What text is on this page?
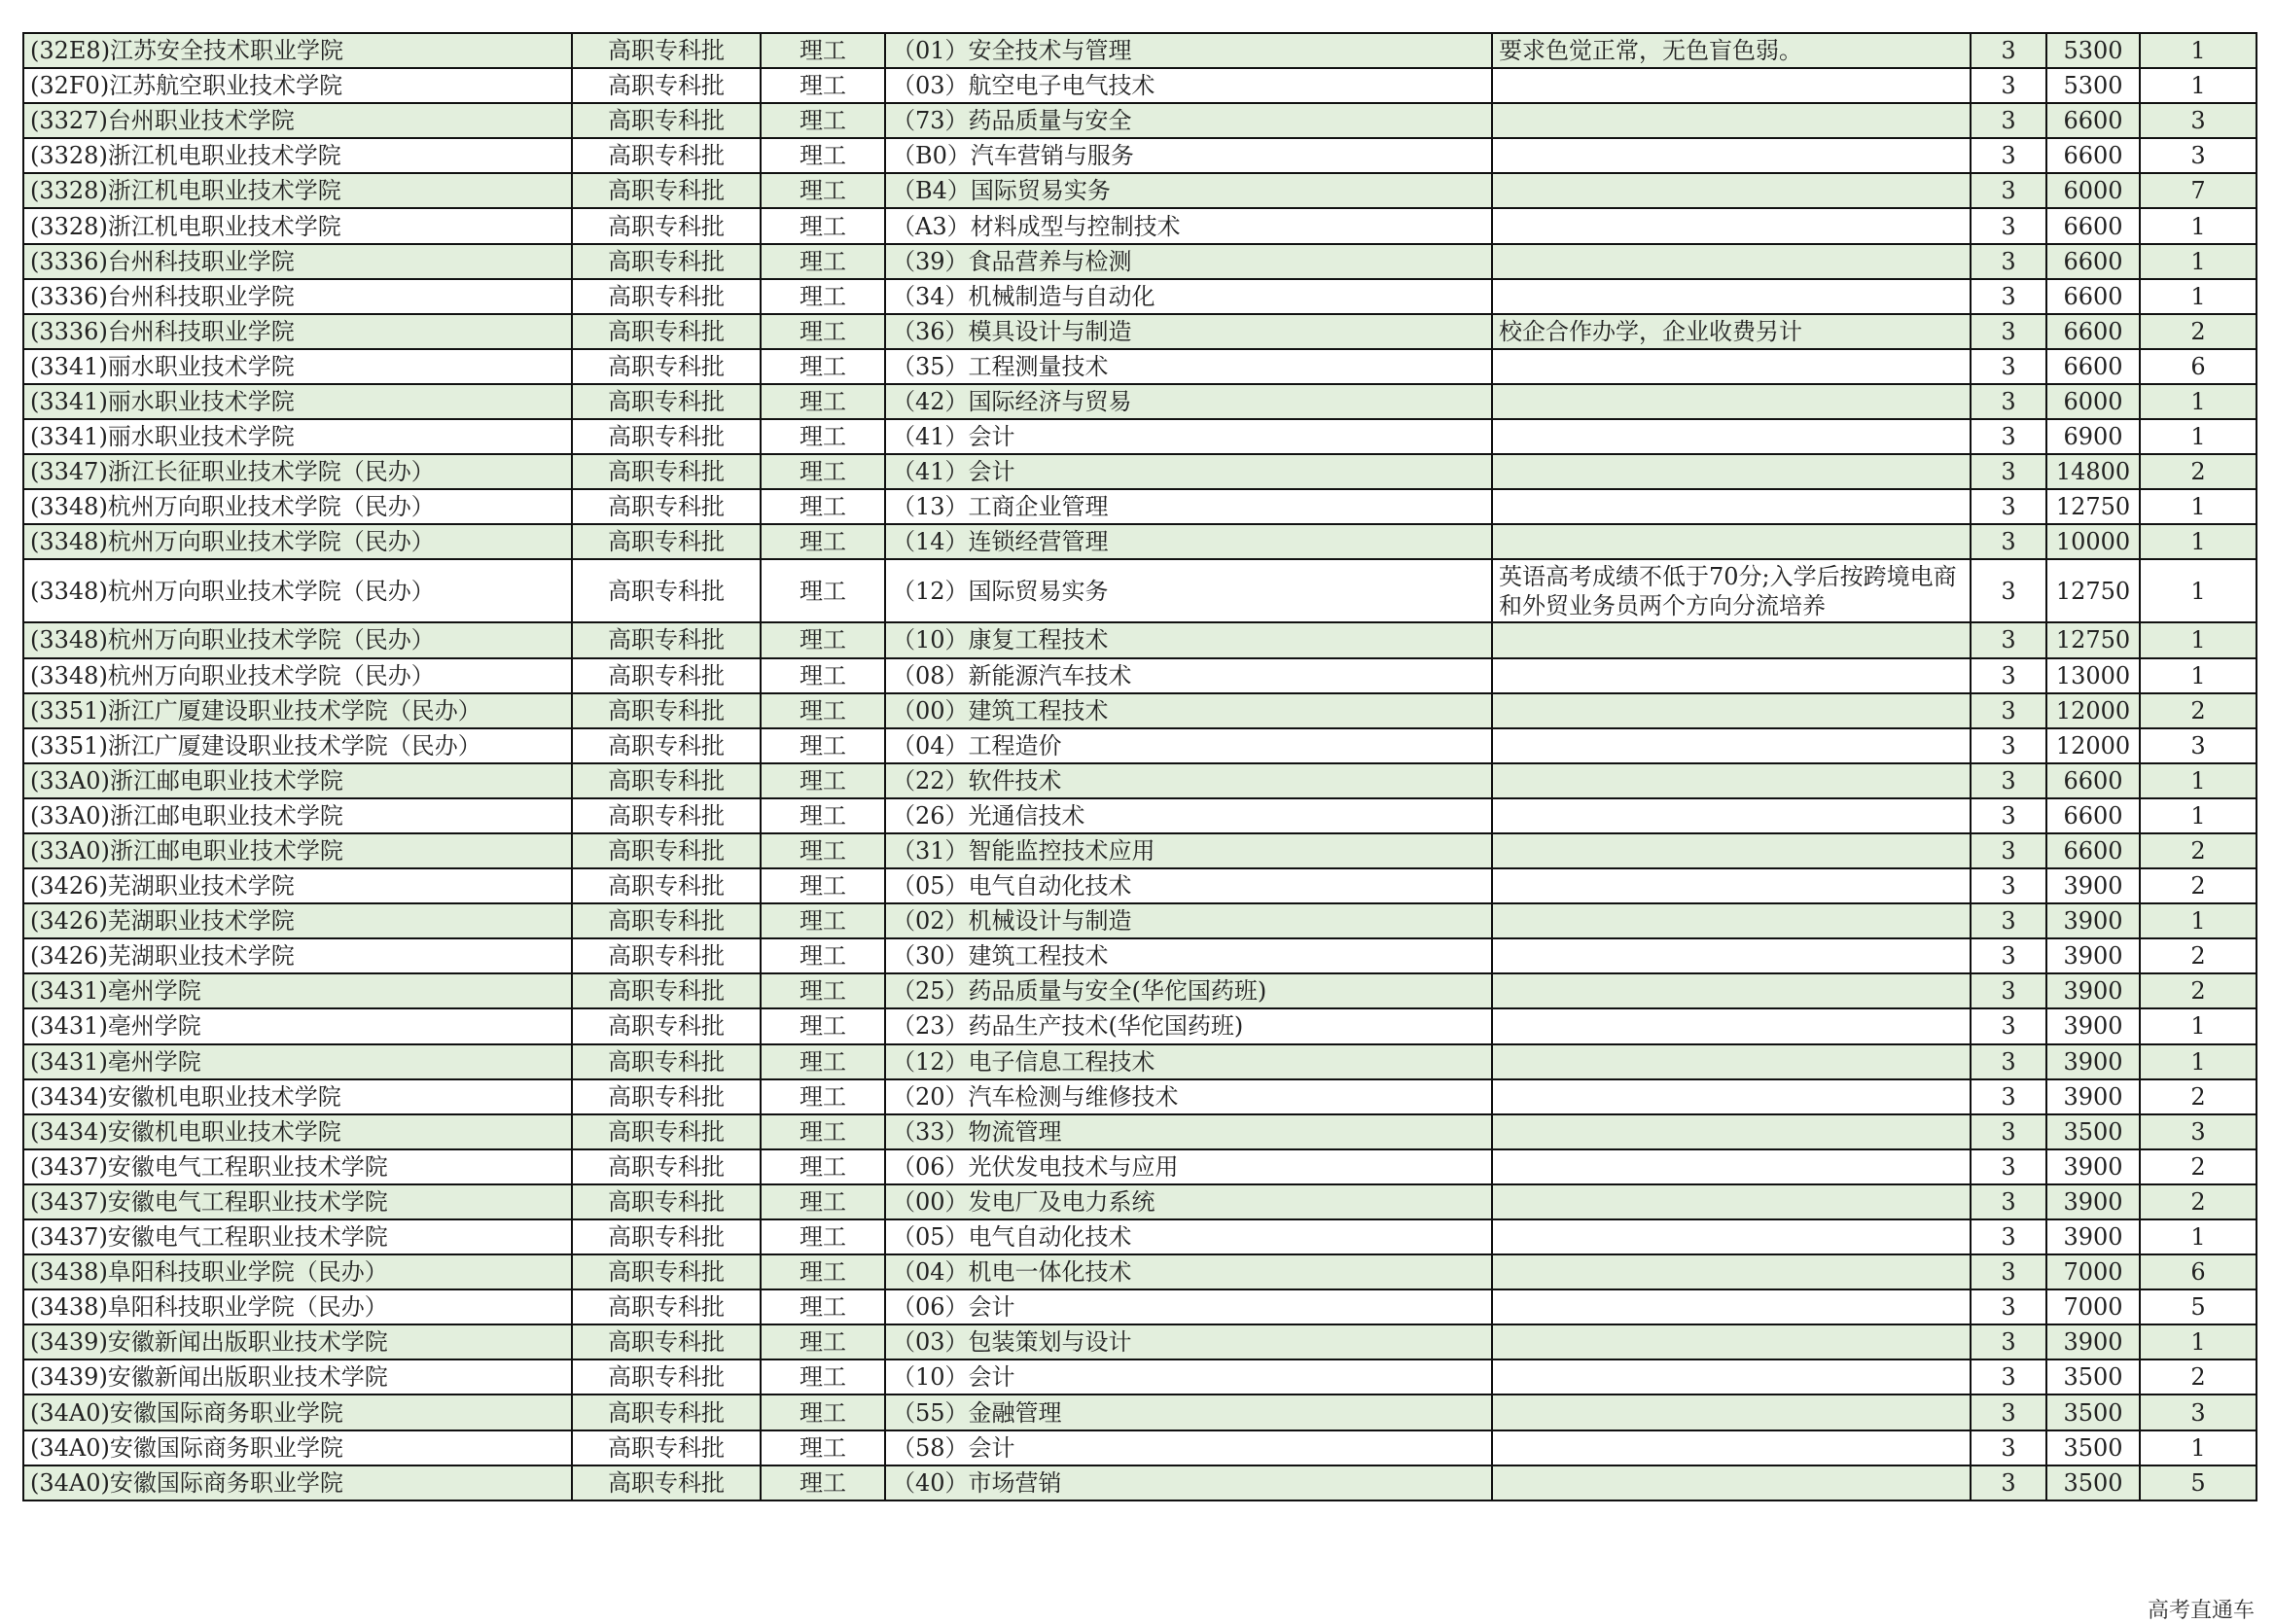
(32E8)江苏安全技术职业学院	高职专科批	理工	（01）安全技术与管理	要求色觉正常，无色盲色弱。	3	5300	1
(32F0)江苏航空职业技术学院	高职专科批	理工	（03）航空电子电气技术		3	5300	1
(3327)台州职业技术学院	高职专科批	理工	（73）药品质量与安全		3	6600	3
(3328)浙江机电职业技术学院	高职专科批	理工	（B0）汽车营销与服务		3	6600	3
(3328)浙江机电职业技术学院	高职专科批	理工	（B4）国际贸易实务		3	6000	7
(3328)浙江机电职业技术学院	高职专科批	理工	（A3）材料成型与控制技术		3	6600	1
(3336)台州科技职业学院	高职专科批	理工	（39）食品营养与检测		3	6600	1
(3336)台州科技职业学院	高职专科批	理工	（34）机械制造与自动化		3	6600	1
(3336)台州科技职业学院	高职专科批	理工	（36）模具设计与制造	校企合作办学，企业收费另计	3	6600	2
(3341)丽水职业技术学院	高职专科批	理工	（35）工程测量技术		3	6600	6
(3341)丽水职业技术学院	高职专科批	理工	（42）国际经济与贸易		3	6000	1
(3341)丽水职业技术学院	高职专科批	理工	（41）会计		3	6900	1
(3347)浙江长征职业技术学院（民办）	高职专科批	理工	（41）会计		3	14800	2
(3348)杭州万向职业技术学院（民办）	高职专科批	理工	（13）工商企业管理		3	12750	1
(3348)杭州万向职业技术学院（民办）	高职专科批	理工	（14）连锁经营管理		3	10000	1
(3348)杭州万向职业技术学院（民办）	高职专科批	理工	（12）国际贸易实务	英语高考成绩不低于70分;入学后按跨境电商和外贸业务员两个方向分流培养	3	12750	1
(3348)杭州万向职业技术学院（民办）	高职专科批	理工	（10）康复工程技术		3	12750	1
(3348)杭州万向职业技术学院（民办）	高职专科批	理工	（08）新能源汽车技术		3	13000	1
(3351)浙江广厦建设职业技术学院（民办）	高职专科批	理工	（00）建筑工程技术		3	12000	2
(3351)浙江广厦建设职业技术学院（民办）	高职专科批	理工	（04）工程造价		3	12000	3
(33A0)浙江邮电职业技术学院	高职专科批	理工	（22）软件技术		3	6600	1
(33A0)浙江邮电职业技术学院	高职专科批	理工	（26）光通信技术		3	6600	1
(33A0)浙江邮电职业技术学院	高职专科批	理工	（31）智能监控技术应用		3	6600	2
(3426)芜湖职业技术学院	高职专科批	理工	（05）电气自动化技术		3	3900	2
(3426)芜湖职业技术学院	高职专科批	理工	（02）机械设计与制造		3	3900	1
(3426)芜湖职业技术学院	高职专科批	理工	（30）建筑工程技术		3	3900	2
(3431)亳州学院	高职专科批	理工	（25）药品质量与安全(华佗国药班)		3	3900	2
(3431)亳州学院	高职专科批	理工	（23）药品生产技术(华佗国药班)		3	3900	1
(3431)亳州学院	高职专科批	理工	（12）电子信息工程技术		3	3900	1
(3434)安徽机电职业技术学院	高职专科批	理工	（20）汽车检测与维修技术		3	3900	2
(3434)安徽机电职业技术学院	高职专科批	理工	（33）物流管理		3	3500	3
(3437)安徽电气工程职业技术学院	高职专科批	理工	（06）光伏发电技术与应用		3	3900	2
(3437)安徽电气工程职业技术学院	高职专科批	理工	（00）发电厂及电力系统		3	3900	2
(3437)安徽电气工程职业技术学院	高职专科批	理工	（05）电气自动化技术		3	3900	1
(3438)阜阳科技职业学院（民办）	高职专科批	理工	（04）机电一体化技术		3	7000	6
(3438)阜阳科技职业学院（民办）	高职专科批	理工	（06）会计		3	7000	5
(3439)安徽新闻出版职业技术学院	高职专科批	理工	（03）包装策划与设计		3	3900	1
(3439)安徽新闻出版职业技术学院	高职专科批	理工	（10）会计		3	3500	2
(34A0)安徽国际商务职业学院	高职专科批	理工	（55）金融管理		3	3500	3
(34A0)安徽国际商务职业学院	高职专科批	理工	（58）会计		3	3500	1
(34A0)安徽国际商务职业学院	高职专科批	理工	（40）市场营销		3	3500	5
高考直通车
